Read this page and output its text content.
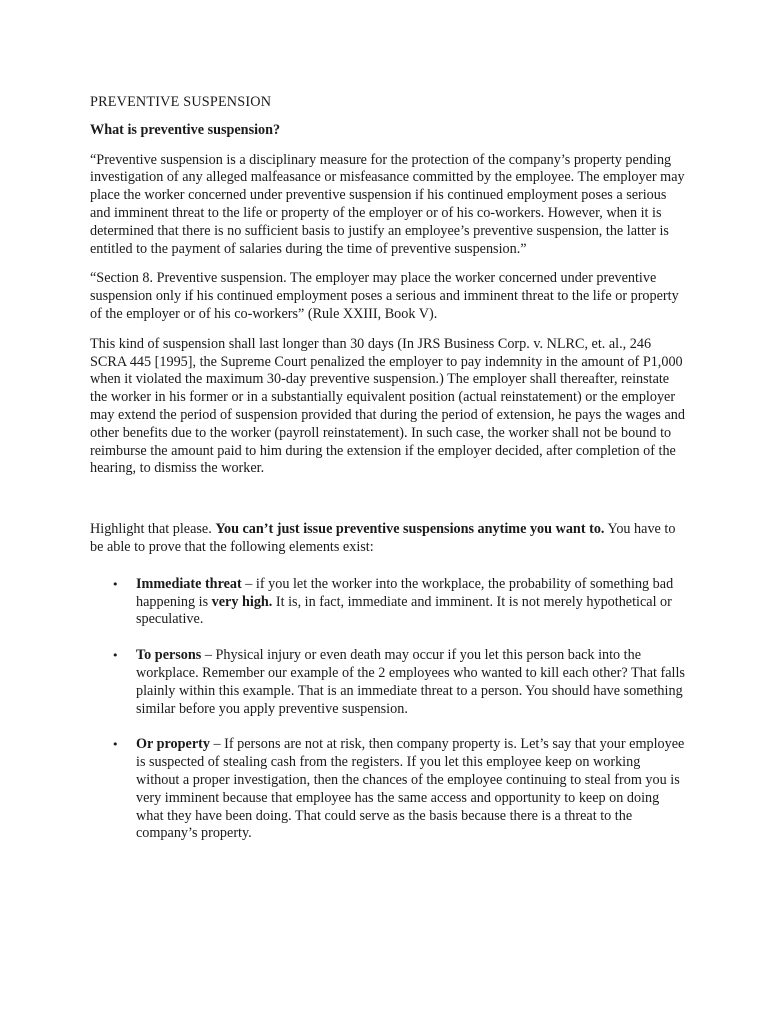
PREVENTIVE SUSPENSION

What is preventive suspension?

“Preventive suspension is a disciplinary measure for the protection of the company’s property pending investigation of any alleged malfeasance or misfeasance committed by the employee. The employer may place the worker concerned under preventive suspension if his continued employment poses a serious and imminent threat to the life or property of the employer or of his co-workers. However, when it is determined that there is no sufficient basis to justify an employee’s preventive suspension, the latter is entitled to the payment of salaries during the time of preventive suspension.”

“Section 8. Preventive suspension. The employer may place the worker concerned under preventive suspension only if his continued employment poses a serious and imminent threat to the life or property of the employer or of his co-workers” (Rule XXIII, Book V).

This kind of suspension shall last longer than 30 days (In JRS Business Corp. v. NLRC, et. al., 246 SCRA 445 [1995], the Supreme Court penalized the employer to pay indemnity in the amount of P1,000 when it violated the maximum 30-day preventive suspension.) The employer shall thereafter, reinstate the worker in his former or in a substantially equivalent position (actual reinstatement) or the employer may extend the period of suspension provided that during the period of extension, he pays the wages and other benefits due to the worker (payroll reinstatement). In such case, the worker shall not be bound to reimburse the amount paid to him during the extension if the employer decided, after completion of the hearing, to dismiss the worker.

Highlight that please. You can’t just issue preventive suspensions anytime you want to. You have to be able to prove that the following elements exist:

• Immediate threat – if you let the worker into the workplace, the probability of something bad happening is very high. It is, in fact, immediate and imminent. It is not merely hypothetical or speculative.
• To persons – Physical injury or even death may occur if you let this person back into the workplace. Remember our example of the 2 employees who wanted to kill each other? That falls plainly within this example. That is an immediate threat to a person. You should have something similar before you apply preventive suspension.
• Or property – If persons are not at risk, then company property is. Let’s say that your employee is suspected of stealing cash from the registers. If you let this employee keep on working without a proper investigation, then the chances of the employee continuing to steal from you is very imminent because that employee has the same access and opportunity to keep on doing what they have been doing. That could serve as the basis because there is a threat to the company’s property.
